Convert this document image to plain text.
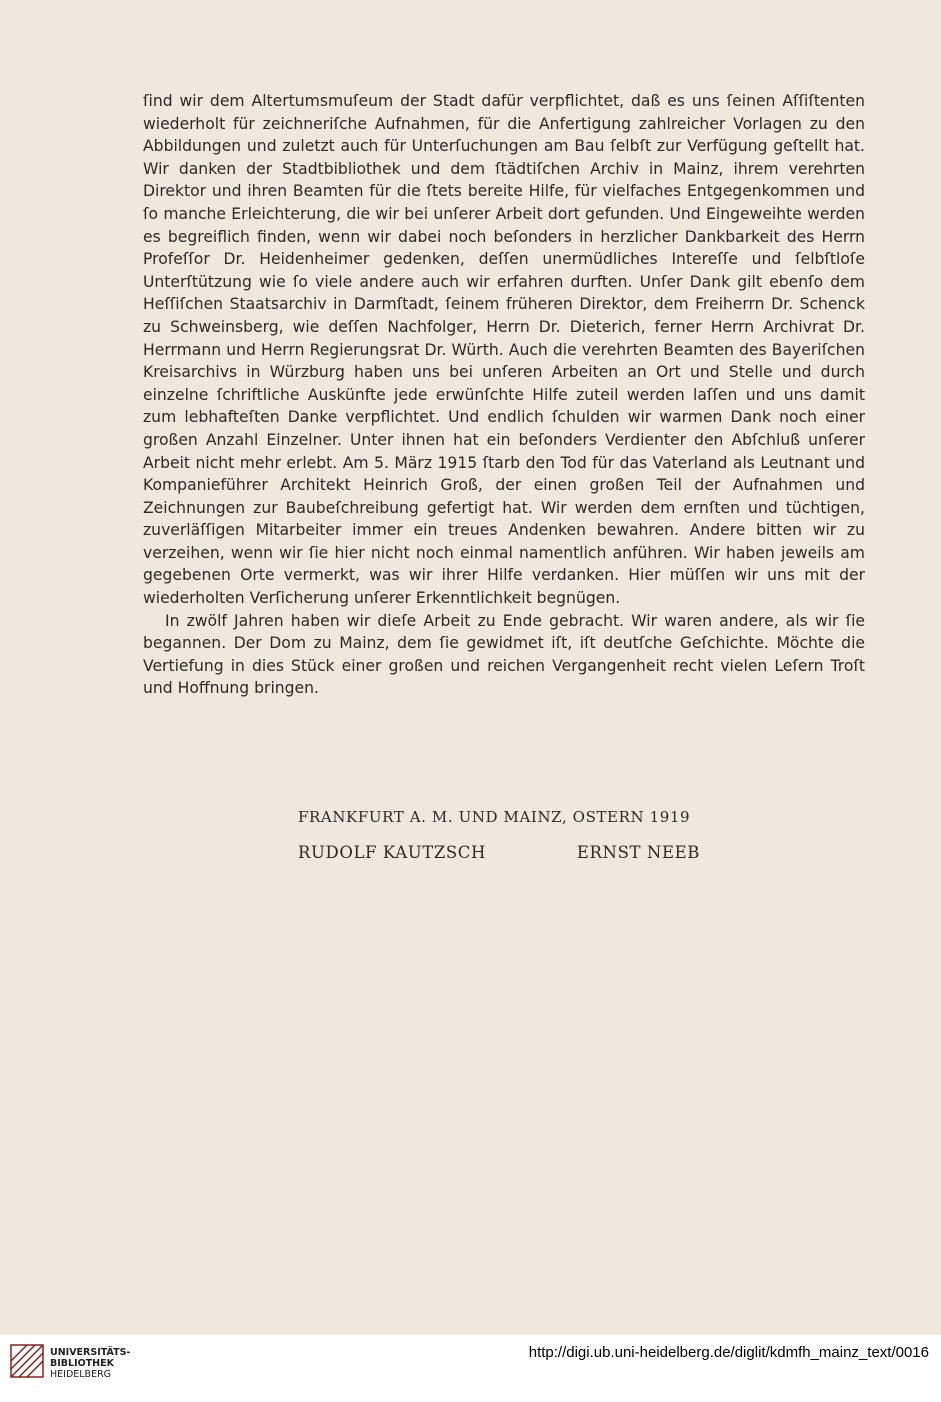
ſind wir dem Altertumsmuſeum der Stadt dafür verpflichtet, daß es uns ſeinen Aſſiſtenten wiederholt für zeichneriſche Aufnahmen, für die Anfertigung zahlreicher Vorlagen zu den Abbildungen und zuletzt auch für Unterſuchungen am Bau ſelbſt zur Verfügung geſtellt hat. Wir danken der Stadtbibliothek und dem ſtädtiſchen Archiv in Mainz, ihrem verehrten Direktor und ihren Beamten für die ſtets bereite Hilfe, für vielfaches Entgegenkommen und ſo manche Erleichterung, die wir bei unſerer Arbeit dort gefunden. Und Eingeweihte werden es begreiflich finden, wenn wir dabei noch beſonders in herzlicher Dankbarkeit des Herrn Profeſſor Dr. Heidenheimer gedenken, deſſen unermüdliches Intereſſe und ſelbſtloſe Unterſtützung wie ſo viele andere auch wir erfahren durften. Unſer Dank gilt ebenſo dem Heſſiſchen Staatsarchiv in Darmſtadt, ſeinem früheren Direktor, dem Freiherrn Dr. Schenck zu Schweinsberg, wie deſſen Nachfolger, Herrn Dr. Dieterich, ferner Herrn Archivrat Dr. Herrmann und Herrn Regierungsrat Dr. Würth. Auch die verehrten Beamten des Bayeriſchen Kreisarchivs in Würzburg haben uns bei unſeren Arbeiten an Ort und Stelle und durch einzelne ſchriftliche Auskünfte jede erwünſchte Hilfe zuteil werden laſſen und uns damit zum lebhafteſten Danke verpflichtet. Und endlich ſchulden wir warmen Dank noch einer großen Anzahl Einzelner. Unter ihnen hat ein beſonders Verdienter den Abſchluß unſerer Arbeit nicht mehr erlebt. Am 5. März 1915 ſtarb den Tod für das Vaterland als Leutnant und Kompanieführer Architekt Heinrich Groß, der einen großen Teil der Aufnahmen und Zeichnungen zur Baubeſchreibung gefertigt hat. Wir werden dem ernſten und tüchtigen, zuverläſſigen Mitarbeiter immer ein treues Andenken bewahren. Andere bitten wir zu verzeihen, wenn wir ſie hier nicht noch einmal namentlich anführen. Wir haben jeweils am gegebenen Orte vermerkt, was wir ihrer Hilfe verdanken. Hier müſſen wir uns mit der wiederholten Verſicherung unſerer Erkenntlichkeit begnügen.

In zwölf Jahren haben wir dieſe Arbeit zu Ende gebracht. Wir waren andere, als wir ſie begannen. Der Dom zu Mainz, dem ſie gewidmet iſt, iſt deutſche Geſchichte. Möchte die Vertiefung in dies Stück einer großen und reichen Vergangenheit recht vielen Leſern Troſt und Hoffnung bringen.

FRANKFURT A. M. UND MAINZ, OSTERN 1919
RUDOLF KAUTZSCH	ERNST NEEB
UNIVERSITÄTS-
BIBLIOTHEK
HEIDELBERG
http://digi.ub.uni-heidelberg.de/diglit/kdmfh_mainz_text/0016
